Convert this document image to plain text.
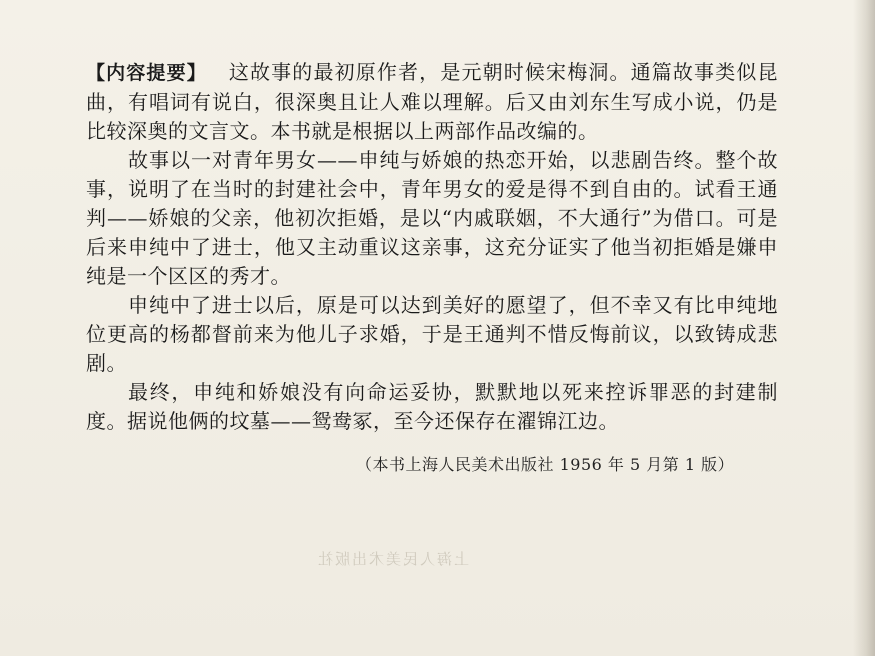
【内容提要】 这故事的最初原作者，是元朝时候宋梅洞。通篇故事类似昆曲，有唱词有说白，很深奥且让人难以理解。后又由刘东生写成小说，仍是比较深奥的文言文。本书就是根据以上两部作品改编的。

故事以一对青年男女——申纯与娇娘的热恋开始，以悲剧告终。整个故事，说明了在当时的封建社会中，青年男女的爱是得不到自由的。试看王通判——娇娘的父亲，他初次拒婚，是以“内戚联姻，不大通行”为借口。可是后来申纯中了进士，他又主动重议这亲事，这充分证实了他当初拒婚是嫌申纯是一个区区的秀才。

申纯中了进士以后，原是可以达到美好的愿望了，但不幸又有比申纯地位更高的杨都督前来为他儿子求婚，于是王通判不惜反悔前议，以致铸成悲剧。

最终，申纯和娇娘没有向命运妥协，默默地以死来控诉罪恶的封建制度。据说他俩的坟墓——鸳鸯冢，至今还保存在濯锦江边。

（本书上海人民美术出版社 1956 年 5 月第 1 版）
上海人民美术出版社
